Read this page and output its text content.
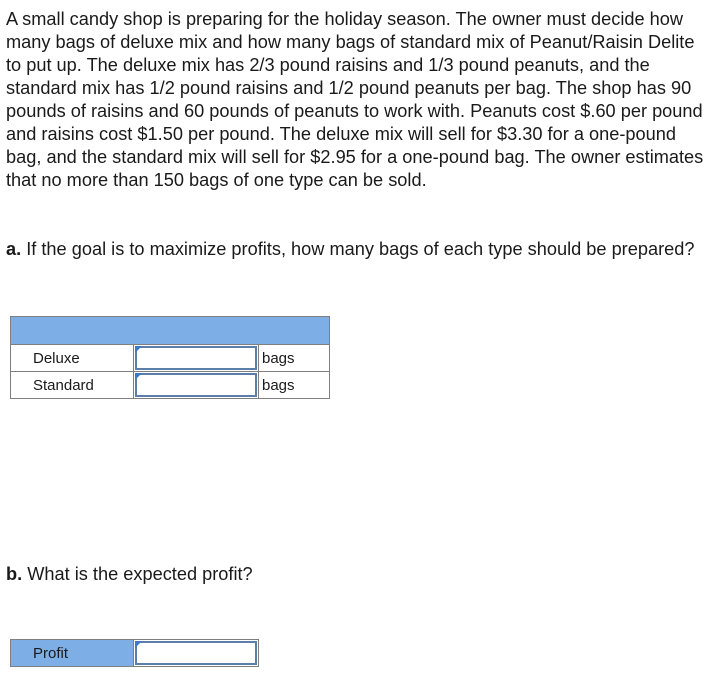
A small candy shop is preparing for the holiday season. The owner must decide how many bags of deluxe mix and how many bags of standard mix of Peanut/Raisin Delite to put up. The deluxe mix has 2/3 pound raisins and 1/3 pound peanuts, and the standard mix has 1/2 pound raisins and 1/2 pound peanuts per bag. The shop has 90 pounds of raisins and 60 pounds of peanuts to work with. Peanuts cost $.60 per pound and raisins cost $1.50 per pound. The deluxe mix will sell for $3.30 for a one-pound bag, and the standard mix will sell for $2.95 for a one-pound bag. The owner estimates that no more than 150 bags of one type can be sold.

a. If the goal is to maximize profits, how many bags of each type should be prepared?

Deluxe		bags
Standard		bags

b. What is the expected profit?

Profit	
